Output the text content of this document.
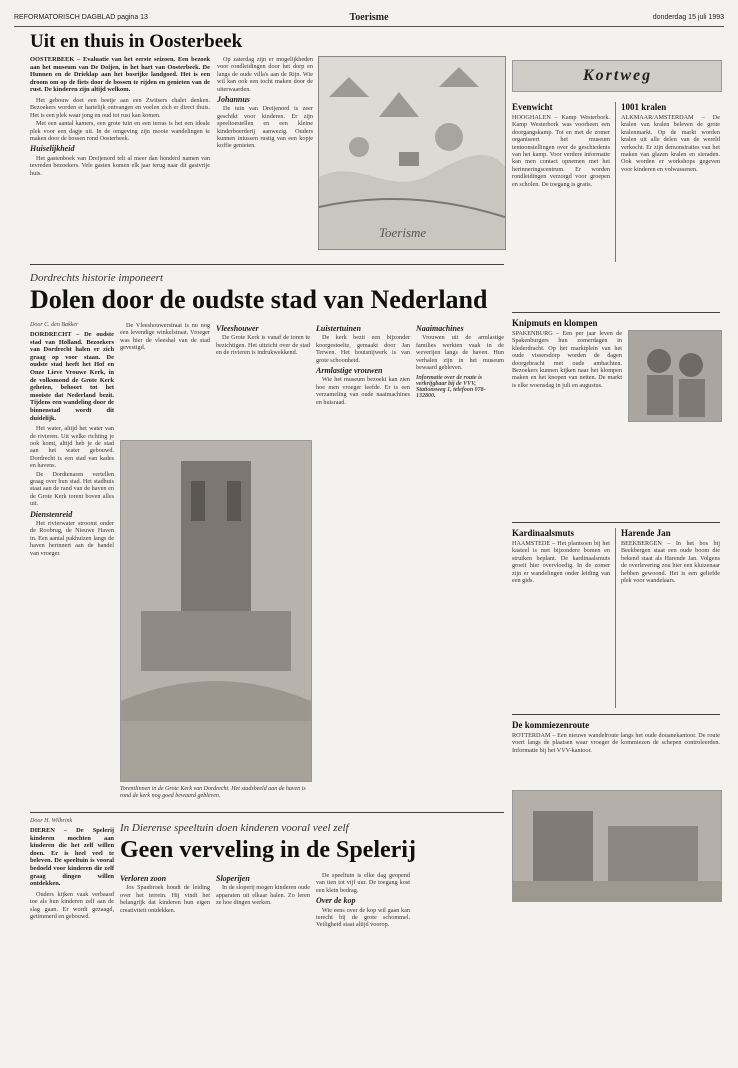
REFORMATORISCH DAGBLAD pagina 13	Toerisme	donderdag 15 juli 1993
Uit en thuis in Oosterbeek
OOSTERBEEK – Evaluatie van het eerste seizoen. Een bezoek aan het museum van De Doijen, in het hart van Oosterbeek. De Hunnen en de Drieklap aan het bosrijke landgoed. Het is een droom om op de fiets door de bossen te rijden en genieten van de rust. De kinderen zijn altijd welkom.

Het gebouw doet een beetje aan een Zwitsers chalet denken. Bezoekers worden er hartelijk ontvangen en voelen zich er direct thuis. Het is een plek waar jong en oud tot rust kan komen.

Met een aantal kamers, een grote tuin en een terras is het een ideale plek voor een dagje uit. In de omgeving zijn mooie wandelingen te maken door de bossen rond Oosterbeek.

Huiselijkheid

Het gastenboek van Dreijenord telt al meer dan honderd namen van tevreden bezoekers. Vele gasten komen elk jaar terug naar dit gastvrije huis.

Op zaterdag zijn er mogelijkheden voor rondleidingen door het dorp en langs de oude villa's aan de Rijn. Wie wil kan ook een tocht maken door de uiterwaarden.

Johannus

De tuin van Dreijenord is zeer geschikt voor kinderen. Er zijn speeltoestellen en een kleine kinderboerderij aanwezig. Ouders kunnen intussen rustig van een kopje koffie genieten.

Toerisme
Kortweg
Evenwicht
HOOGHALEN – Kamp Westerbork. Kamp Westerbork was voorheen een doorgangskamp. Tot en met de zomer organiseert het museum tentoonstellingen over de geschiedenis van het kamp. Voor verdere informatie kan men contact opnemen met het herinneringscentrum. Er worden rondleidingen verzorgd voor groepen en scholen. De toegang is gratis.
1001 kralen
ALKMAAR/AMSTERDAM – De kralen van kralen beleven de grote kralenmarkt. Op de markt worden kralen uit alle delen van de wereld verkocht. Er zijn demonstraties van het maken van glazen kralen en sieraden. Ook worden er workshops gegeven voor kinderen en volwassenen.
Dordrechts historie imponeert
Dolen door de oudste stad van Nederland
Door C. den Bakker
DORDRECHT – De oudste stad van Holland. Bezoekers van Dordrecht halen er zich graag op voor staan. De oudste stad heeft het Hof en Onze Lieve Vrouwe Kerk, in de volksmond de Grote Kerk geheten, behoort tot het mooiste dat Nederland bezit. Tijdens een wandeling door de binnenstad wordt dit duidelijk.

Het water, altijd het water van de rivieren. Uit welke richting je ook komt, altijd heb je de stad aan het water gebouwd. Dordrecht is een stad van kades en havens.

De Dordtenaren vertellen graag over hun stad. Het stadhuis staat aan de rand van de haven en de Grote Kerk torent boven alles uit.

Dienstenreid

Het rivierwater stroomt onder de Roobrug, de Nieuwe Haven in. Een aantal pakhuizen langs de haven herinnert aan de handel van vroeger.

De Vleeshouwerstraat is nu nog een levendige winkelstraat. Vroeger was hier de vleeshal van de stad gevestigd.

Vleeshouwer

De Grote Kerk is vanaf de toren te bezichtigen. Het uitzicht over de stad en de rivieren is indrukwekkend.

Luistertuinen

De kerk bezit een bijzonder koorgestoelte, gemaakt door Jan Terwen. Het houtsnijwerk is van grote schoonheid.

Armlastige vrouwen

Wie het museum bezoekt kan zien hoe men vroeger leefde. Er is een verzameling van oude naaimachines en huisraad.

Naaimachines

Vrouwen uit de armlastige families werkten vaak in de weverijen langs de haven. Hun verhalen zijn in het museum bewaard gebleven.

Informatie over de route is verkrijgbaar bij de VVV, Stationsweg 1, telefoon 078-132800.
Torentlinnen in de Grote Kerk van Dordrecht. Het stadsbeeld aan de haven is rond de kerk nog goed bewaard gebleven.
Knipmuts en klompen
SPAKENBURG – Een per jaar leven de Spakenburgers hun zomerdagen in klederdracht. Op het marktplein van het oude vissersdorp worden de dagen doorgebracht met oude ambachten. Bezoekers kunnen kijken naar het klompen maken en het knopen van netten. De markt is elke woensdag in juli en augustus.
Kardinaalsmuts
HAAMSTEDE – Het plantsoen bij het kasteel is met bijzondere bomen en struiken beplant. De kardinaalsmuts groeit hier overvloedig. In de zomer zijn er wandelingen onder leiding van een gids.
Harende Jan
BEEKBERGEN – In het bos bij Beekbergen staat een oude boom die bekend staat als Harende Jan. Volgens de overlevering zou hier een kluizenaar hebben gewoond. Het is een geliefde plek voor wandelaars.
De kommiezenroute
ROTTERDAM – Een nieuwe wandelroute langs het oude douanekantoor. De route voert langs de plaatsen waar vroeger de kommiezen de schepen controleerden. Informatie bij het VVV-kantoor.
Door H. Wilbrink
DIEREN – De Spelerij kinderen mochten aan kinderen die het zelf willen doen. Er is heel veel te beleven. De speeltuin is vooral bedoeld voor kinderen die zelf graag dingen willen ontdekken.

Ouders kijken vaak verbaasd toe als hun kinderen zelf aan de slag gaan. Er wordt gezaagd, getimmerd en gebouwd.

In Dierense speeltuin doen kinderen vooral veel zelf
Geen verveling in de Spelerij
Verloren zoon

Jos Spanbroek houdt de leiding over het terrein. Hij vindt het belangrijk dat kinderen hun eigen creativiteit ontdekken.

Sloperijen

In de sloperij mogen kinderen oude apparaten uit elkaar halen. Zo leren ze hoe dingen werken.

De speeltuin is elke dag geopend van tien tot vijf uur. De toegang kost een klein bedrag.

Over de kop

Wie eens over de kop wil gaan kan terecht bij de grote schommel. Veiligheid staat altijd voorop.
